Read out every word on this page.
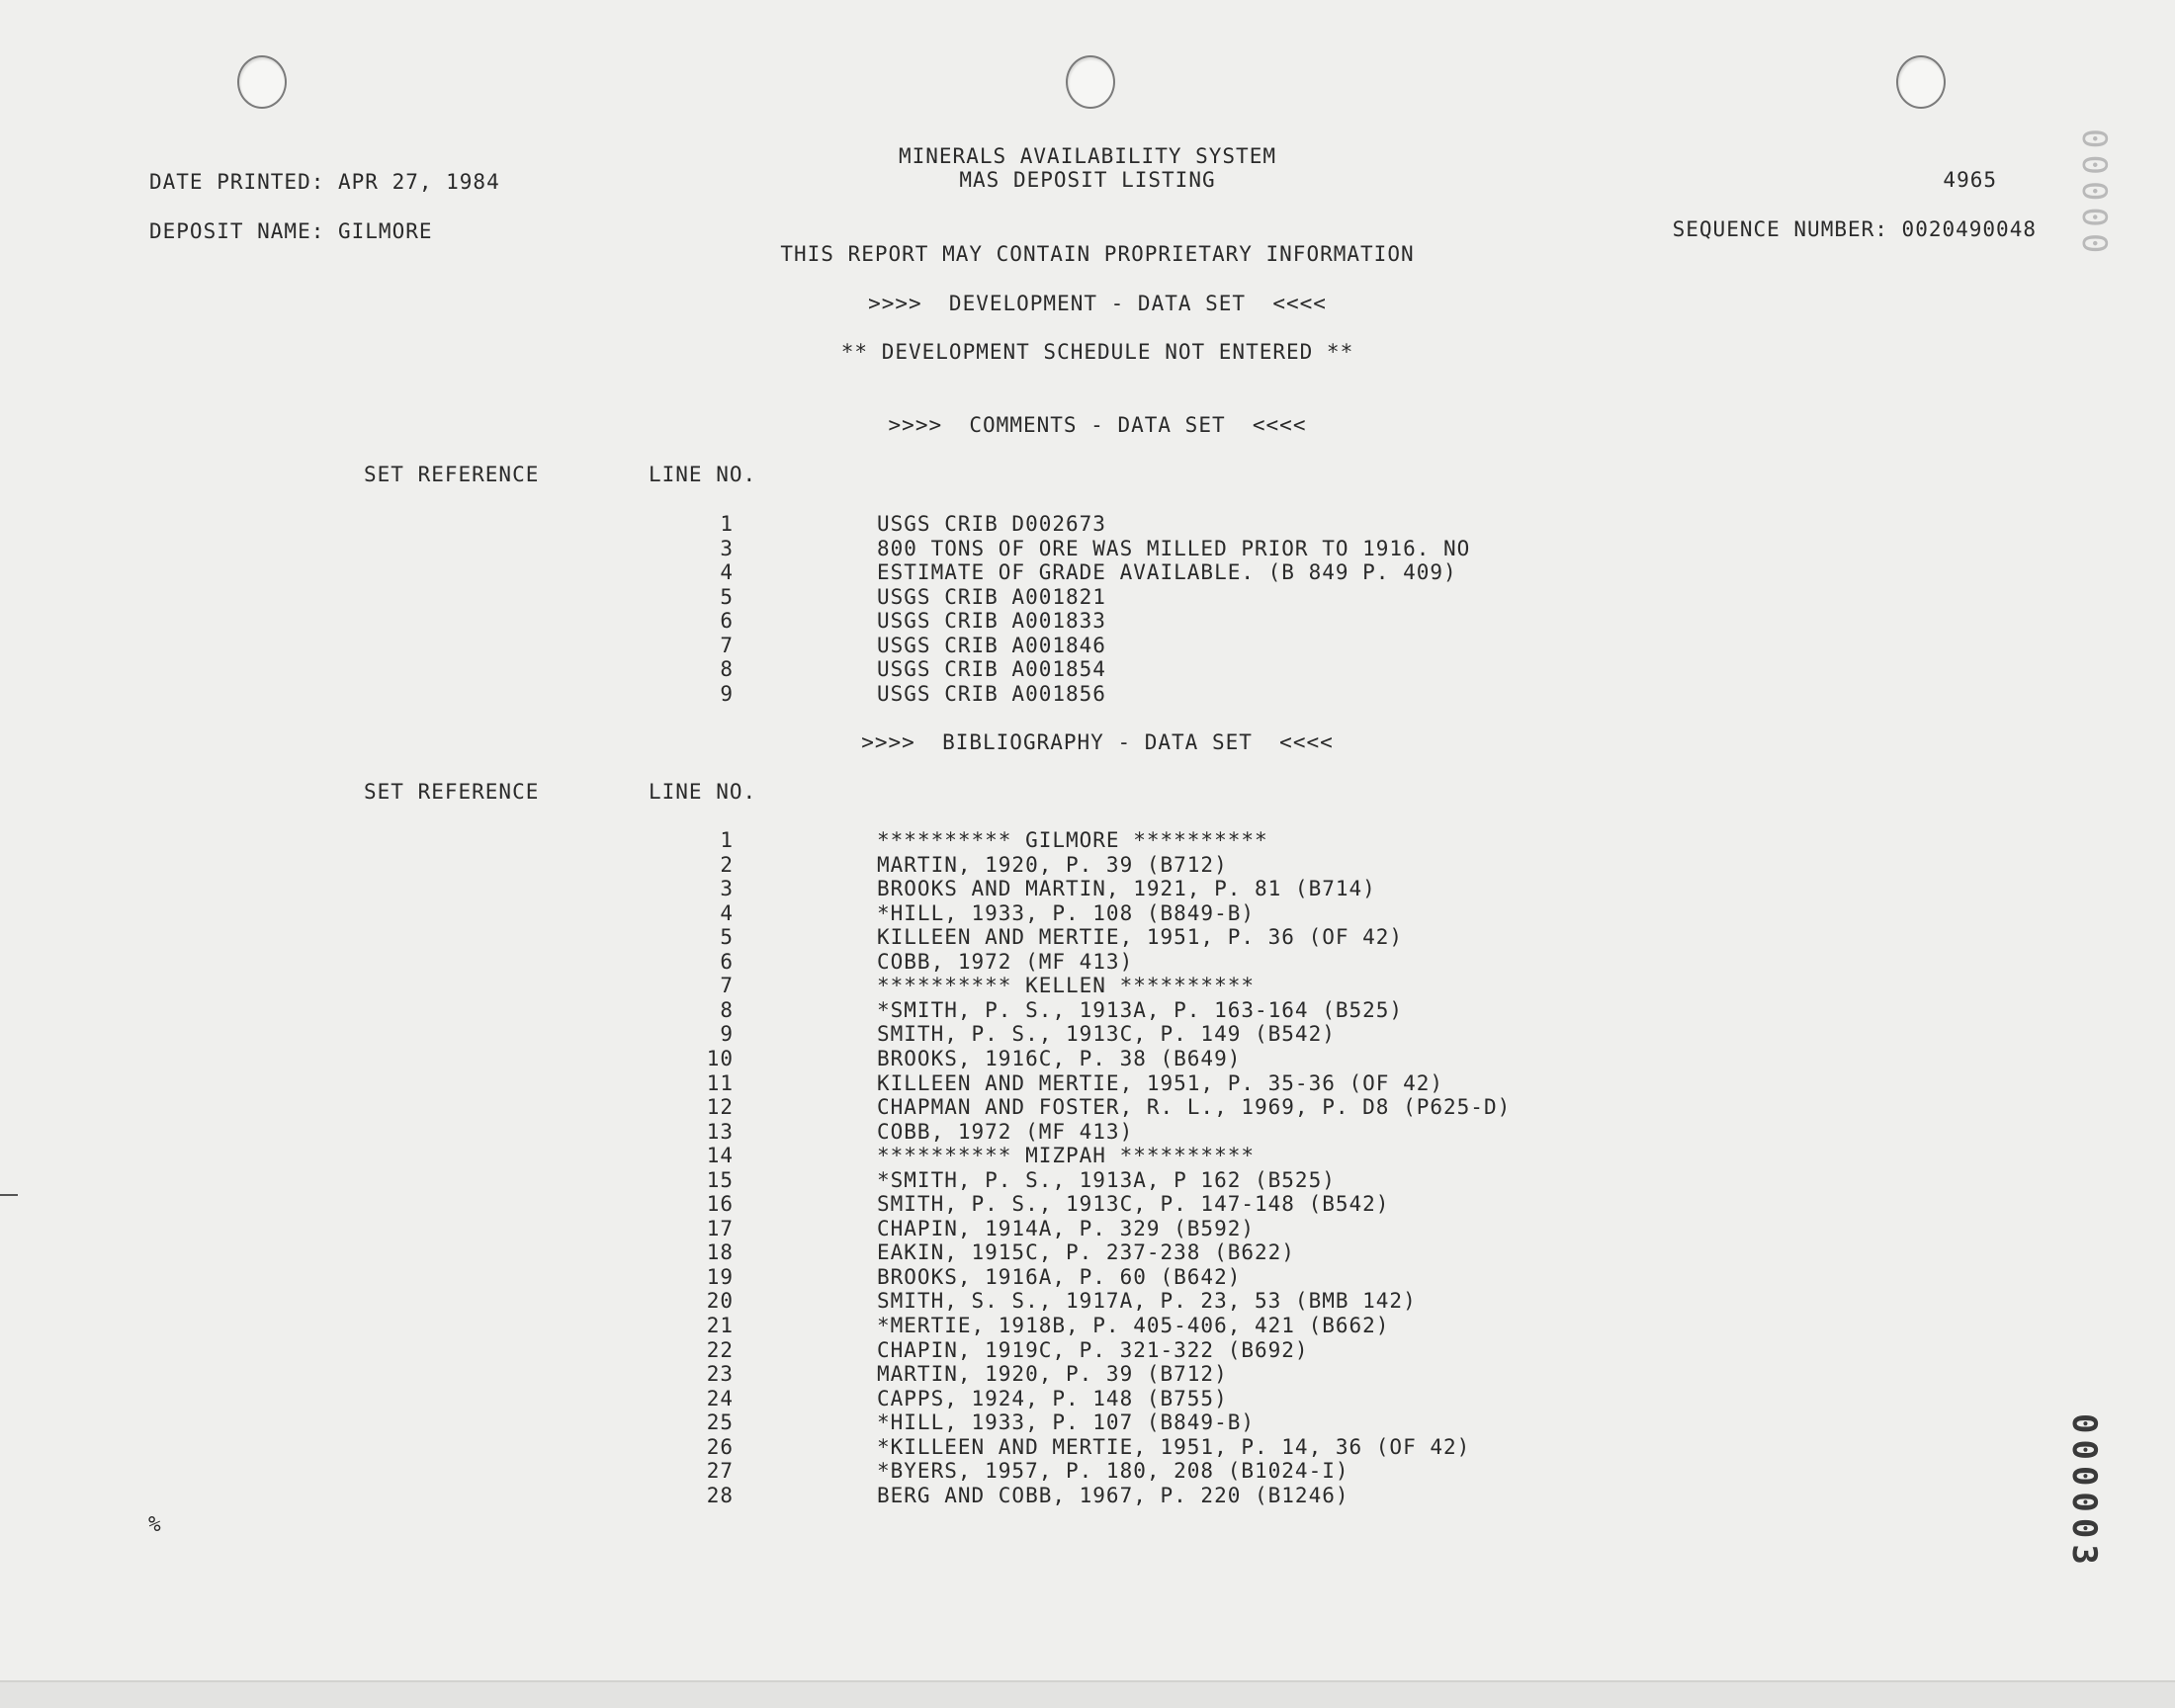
MINERALS AVAILABILITY SYSTEM
MAS DEPOSIT LISTING
DATE PRINTED: APR 27, 1984	4965
DEPOSIT NAME: GILMORE	SEQUENCE NUMBER: 0020490048
THIS REPORT MAY CONTAIN PROPRIETARY INFORMATION
>>>>  DEVELOPMENT - DATA SET  <<<<
** DEVELOPMENT SCHEDULE NOT ENTERED **
>>>>  COMMENTS - DATA SET  <<<<
SET REFERENCE	LINE NO.
1	USGS CRIB D002673
3	800 TONS OF ORE WAS MILLED PRIOR TO 1916. NO
4	ESTIMATE OF GRADE AVAILABLE. (B 849 P. 409)
5	USGS CRIB A001821
6	USGS CRIB A001833
7	USGS CRIB A001846
8	USGS CRIB A001854
9	USGS CRIB A001856
>>>>  BIBLIOGRAPHY - DATA SET  <<<<
SET REFERENCE	LINE NO.
1	********** GILMORE **********
2	MARTIN, 1920, P. 39 (B712)
3	BROOKS AND MARTIN, 1921, P. 81 (B714)
4	*HILL, 1933, P. 108 (B849-B)
5	KILLEEN AND MERTIE, 1951, P. 36 (OF 42)
6	COBB, 1972 (MF 413)
7	********** KELLEN **********
8	*SMITH, P. S., 1913A, P. 163-164 (B525)
9	SMITH, P. S., 1913C, P. 149 (B542)
10	BROOKS, 1916C, P. 38 (B649)
11	KILLEEN AND MERTIE, 1951, P. 35-36 (OF 42)
12	CHAPMAN AND FOSTER, R. L., 1969, P. D8 (P625-D)
13	COBB, 1972 (MF 413)
14	********** MIZPAH **********
15	*SMITH, P. S., 1913A, P 162 (B525)
16	SMITH, P. S., 1913C, P. 147-148 (B542)
17	CHAPIN, 1914A, P. 329 (B592)
18	EAKIN, 1915C, P. 237-238 (B622)
19	BROOKS, 1916A, P. 60 (B642)
20	SMITH, S. S., 1917A, P. 23, 53 (BMB 142)
21	*MERTIE, 1918B, P. 405-406, 421 (B662)
22	CHAPIN, 1919C, P. 321-322 (B692)
23	MARTIN, 1920, P. 39 (B712)
24	CAPPS, 1924, P. 148 (B755)
25	*HILL, 1933, P. 107 (B849-B)
26	*KILLEEN AND MERTIE, 1951, P. 14, 36 (OF 42)
27	*BYERS, 1957, P. 180, 208 (B1024-I)
28	BERG AND COBB, 1967, P. 220 (B1246)
%
00000
000003
